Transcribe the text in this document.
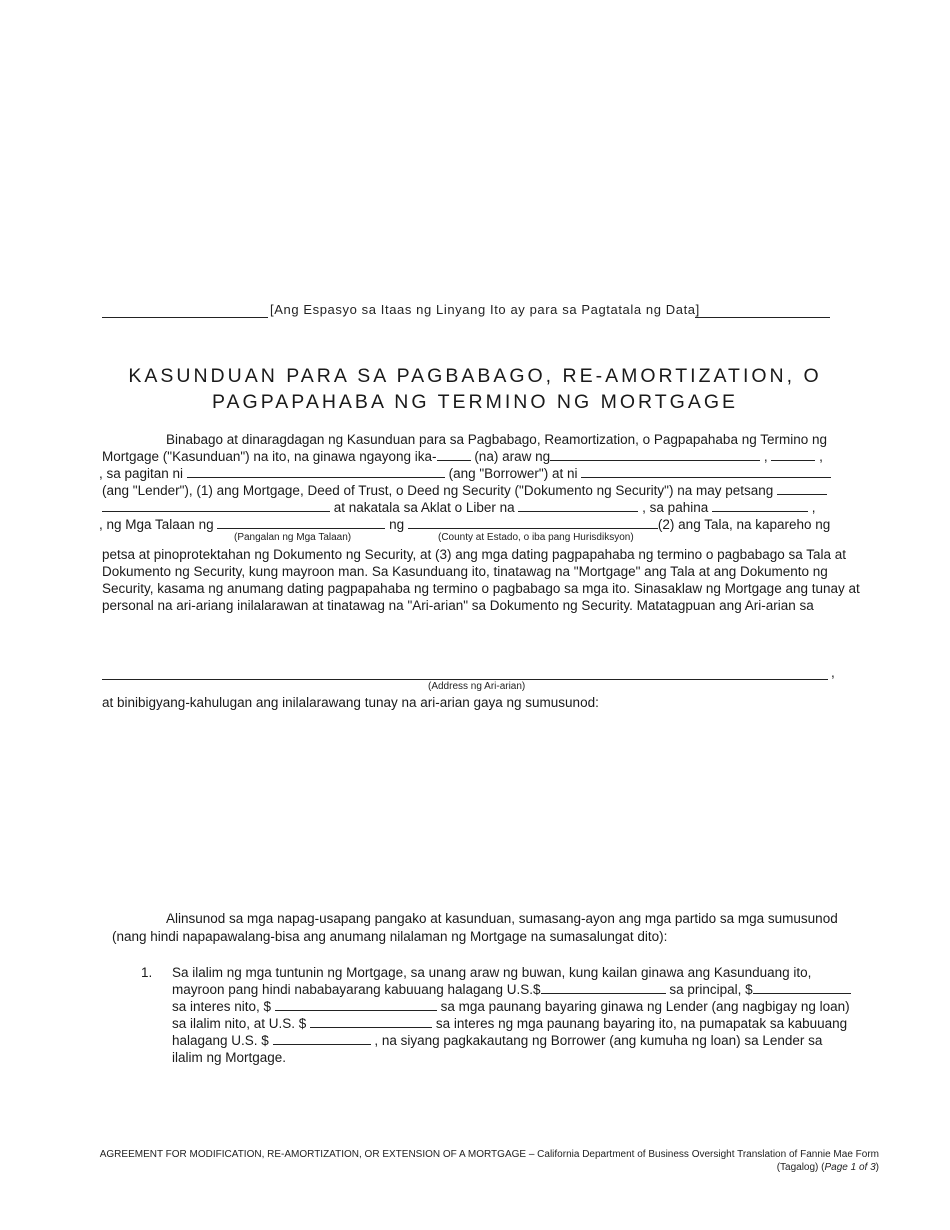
[Ang Espasyo sa Itaas ng Linyang Ito ay para sa Pagtatala ng Data]
KASUNDUAN PARA SA PAGBABAGO, RE-AMORTIZATION, O
PAGPAPAHABA NG TERMINO NG MORTGAGE
Binabago at dinaragdagan ng Kasunduan para sa Pagbabago, Reamortization, o Pagpapahaba ng Termino ng
Mortgage ("Kasunduan") na ito, na ginawa ngayong ika-	(na) araw ng	,	,
, sa pagitan ni	(ang "Borrower") at ni
(ang "Lender"), (1) ang Mortgage, Deed of Trust, o Deed ng Security ("Dokumento ng Security") na may petsang
at nakatala sa Aklat o Liber na	, sa pahina	,
, ng Mga Talaan ng	ng	(2) ang Tala, na kapareho ng
(Pangalan ng Mga Talaan)	(County at Estado, o iba pang Hurisdiksyon)
petsa at pinoprotektahan ng Dokumento ng Security, at (3) ang mga dating pagpapahaba ng termino o pagbabago sa Tala at
Dokumento ng Security, kung mayroon man. Sa Kasunduang ito, tinatawag na "Mortgage" ang Tala at ang Dokumento ng
Security, kasama ng anumang dating pagpapahaba ng termino o pagbabago sa mga ito. Sinasaklaw ng Mortgage ang tunay at
personal na ari-ariang inilalarawan at tinatawag na "Ari-arian" sa Dokumento ng Security. Matatagpuan ang Ari-arian sa
,
(Address ng Ari-arian)
at binibigyang-kahulugan ang inilalarawang tunay na ari-arian gaya ng sumusunod:
Alinsunod sa mga napag-usapang pangako at kasunduan, sumasang-ayon ang mga partido sa mga sumusunod
(nang hindi napapawalang-bisa ang anumang nilalaman ng Mortgage na sumasalungat dito):
1. Sa ilalim ng mga tuntunin ng Mortgage, sa unang araw ng buwan, kung kailan ginawa ang Kasunduang ito,
mayroon pang hindi nababayarang kabuuang halagang U.S.$	sa principal, $
sa interes nito, $	sa mga paunang bayaring ginawa ng Lender (ang nagbigay ng loan)
sa ilalim nito, at U.S. $	sa interes ng mga paunang bayaring ito, na pumapatak sa kabuuang
halagang U.S. $	, na siyang pagkakautang ng Borrower (ang kumuha ng loan) sa Lender sa
ilalim ng Mortgage.
AGREEMENT FOR MODIFICATION, RE-AMORTIZATION, OR EXTENSION OF A MORTGAGE – California Department of Business Oversight Translation of Fannie Mae Form
(Tagalog) (Page 1 of 3)
